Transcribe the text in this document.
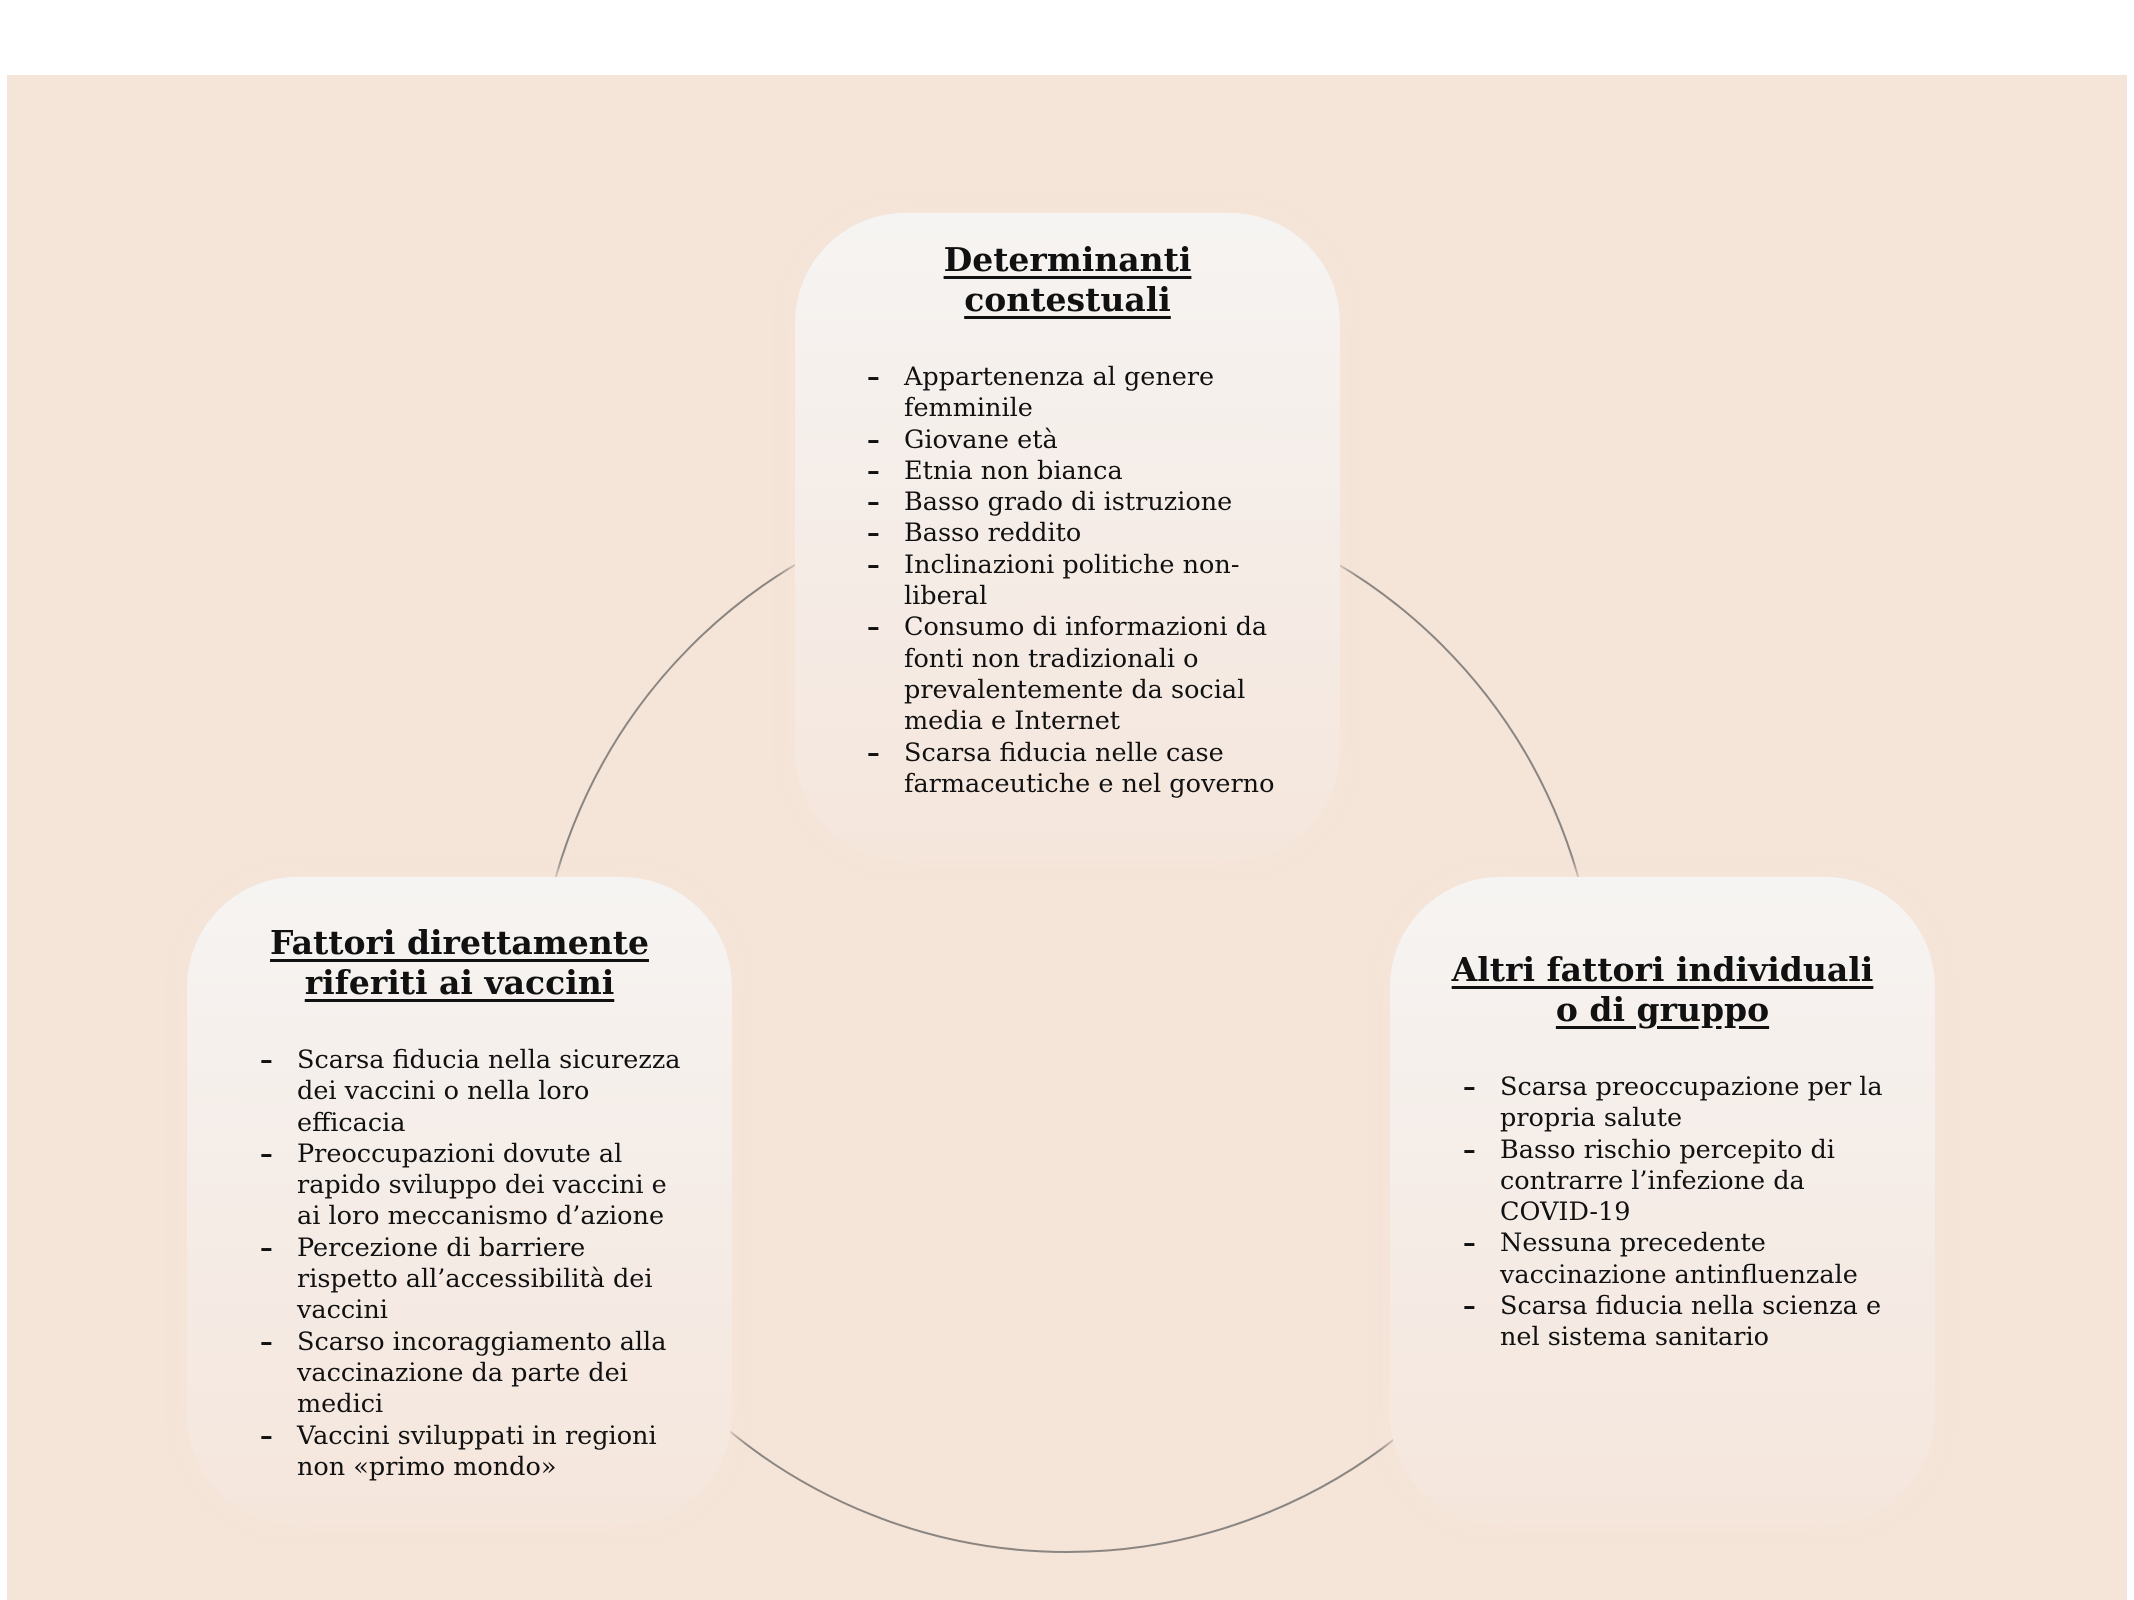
Determinanti
contestuali
– Appartenenza al genere
femminile
– Giovane età
– Etnia non bianca
– Basso grado di istruzione
– Basso reddito
– Inclinazioni politiche non-
liberal
– Consumo di informazioni da
fonti non tradizionali o
prevalentemente da social
media e Internet
– Scarsa fiducia nelle case
farmaceutiche e nel governo
Fattori direttamente
riferiti ai vaccini
– Scarsa fiducia nella sicurezza
dei vaccini o nella loro
efficacia
– Preoccupazioni dovute al
rapido sviluppo dei vaccini e
ai loro meccanismo d’azione
– Percezione di barriere
rispetto all’accessibilità dei
vaccini
– Scarso incoraggiamento alla
vaccinazione da parte dei
medici
– Vaccini sviluppati in regioni
non «primo mondo»
Altri fattori individuali
o di gruppo
– Scarsa preoccupazione per la
propria salute
– Basso rischio percepito di
contrarre l’infezione da
COVID-19
– Nessuna precedente
vaccinazione antinfluenzale
– Scarsa fiducia nella scienza e
nel sistema sanitario
